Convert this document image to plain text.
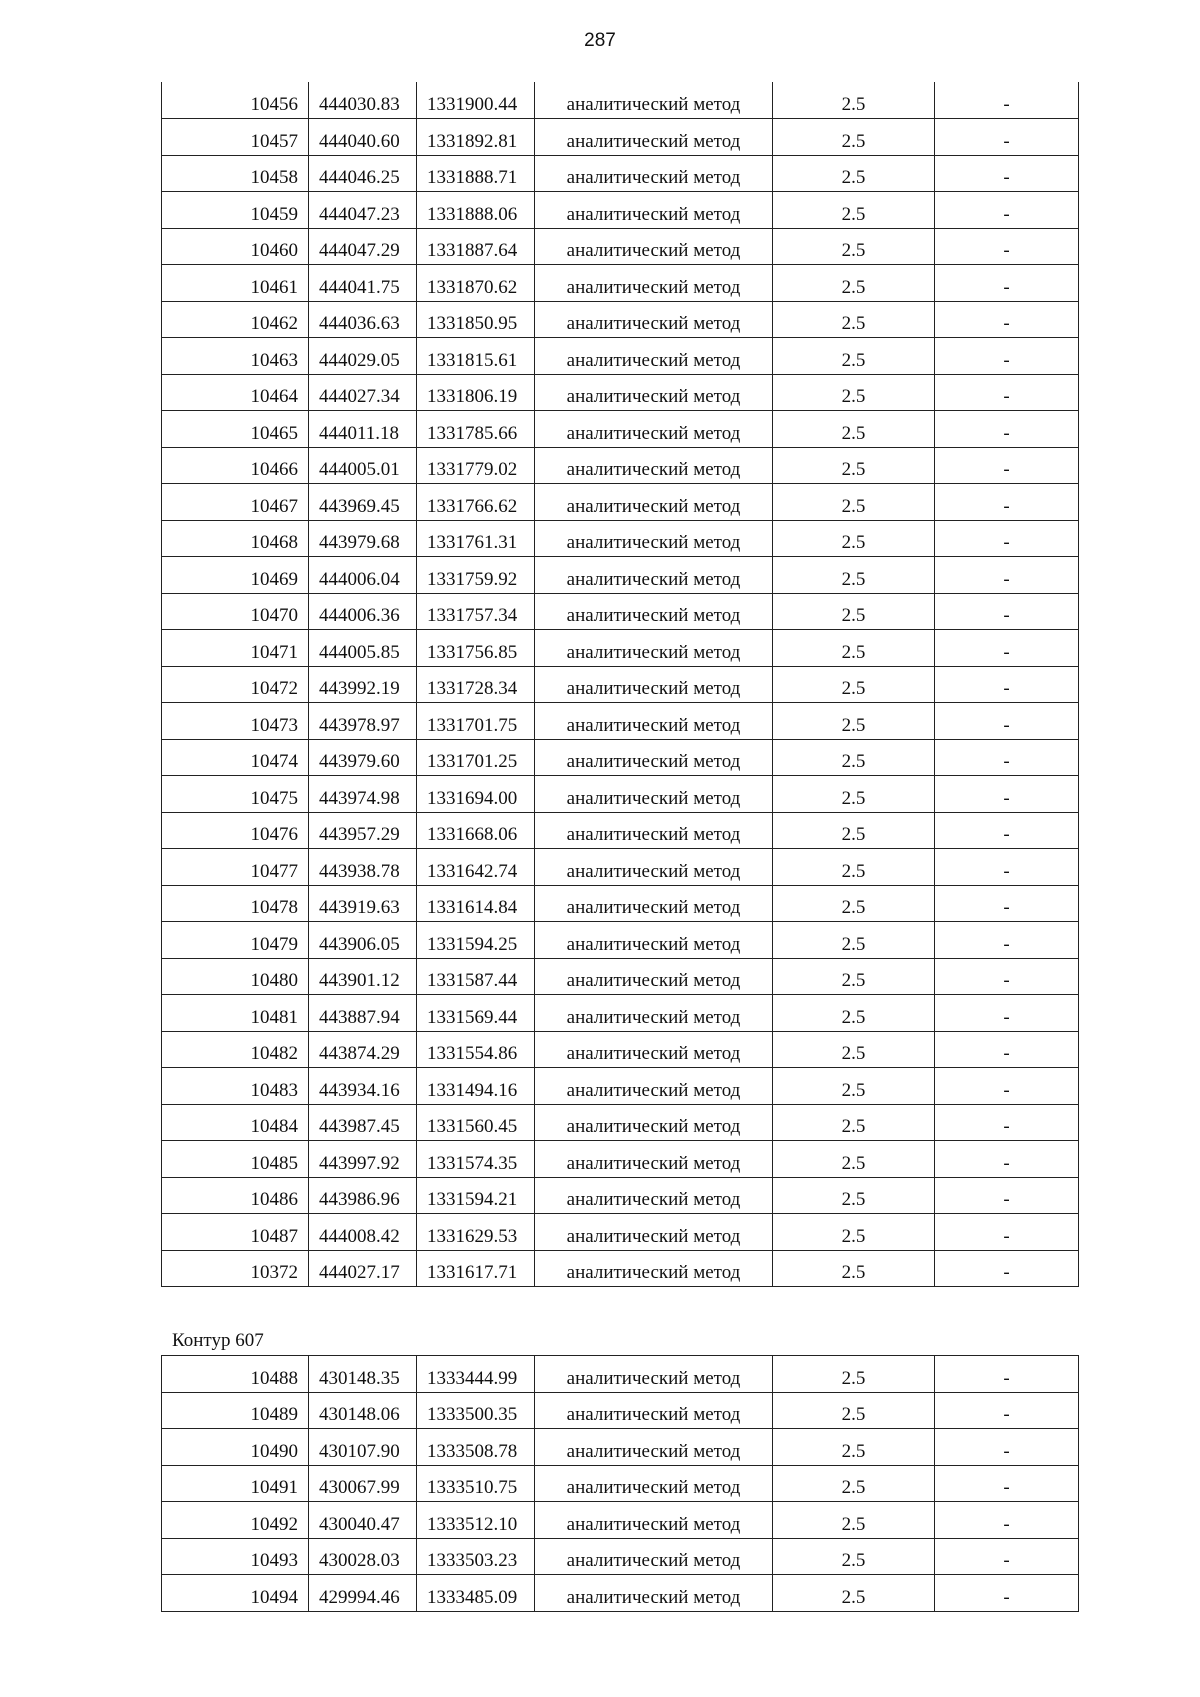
287
10456	444030.83	1331900.44	аналитический метод	2.5	-
10457	444040.60	1331892.81	аналитический метод	2.5	-
10458	444046.25	1331888.71	аналитический метод	2.5	-
10459	444047.23	1331888.06	аналитический метод	2.5	-
10460	444047.29	1331887.64	аналитический метод	2.5	-
10461	444041.75	1331870.62	аналитический метод	2.5	-
10462	444036.63	1331850.95	аналитический метод	2.5	-
10463	444029.05	1331815.61	аналитический метод	2.5	-
10464	444027.34	1331806.19	аналитический метод	2.5	-
10465	444011.18	1331785.66	аналитический метод	2.5	-
10466	444005.01	1331779.02	аналитический метод	2.5	-
10467	443969.45	1331766.62	аналитический метод	2.5	-
10468	443979.68	1331761.31	аналитический метод	2.5	-
10469	444006.04	1331759.92	аналитический метод	2.5	-
10470	444006.36	1331757.34	аналитический метод	2.5	-
10471	444005.85	1331756.85	аналитический метод	2.5	-
10472	443992.19	1331728.34	аналитический метод	2.5	-
10473	443978.97	1331701.75	аналитический метод	2.5	-
10474	443979.60	1331701.25	аналитический метод	2.5	-
10475	443974.98	1331694.00	аналитический метод	2.5	-
10476	443957.29	1331668.06	аналитический метод	2.5	-
10477	443938.78	1331642.74	аналитический метод	2.5	-
10478	443919.63	1331614.84	аналитический метод	2.5	-
10479	443906.05	1331594.25	аналитический метод	2.5	-
10480	443901.12	1331587.44	аналитический метод	2.5	-
10481	443887.94	1331569.44	аналитический метод	2.5	-
10482	443874.29	1331554.86	аналитический метод	2.5	-
10483	443934.16	1331494.16	аналитический метод	2.5	-
10484	443987.45	1331560.45	аналитический метод	2.5	-
10485	443997.92	1331574.35	аналитический метод	2.5	-
10486	443986.96	1331594.21	аналитический метод	2.5	-
10487	444008.42	1331629.53	аналитический метод	2.5	-
10372	444027.17	1331617.71	аналитический метод	2.5	-
Контур 607
10488	430148.35	1333444.99	аналитический метод	2.5	-
10489	430148.06	1333500.35	аналитический метод	2.5	-
10490	430107.90	1333508.78	аналитический метод	2.5	-
10491	430067.99	1333510.75	аналитический метод	2.5	-
10492	430040.47	1333512.10	аналитический метод	2.5	-
10493	430028.03	1333503.23	аналитический метод	2.5	-
10494	429994.46	1333485.09	аналитический метод	2.5	-
